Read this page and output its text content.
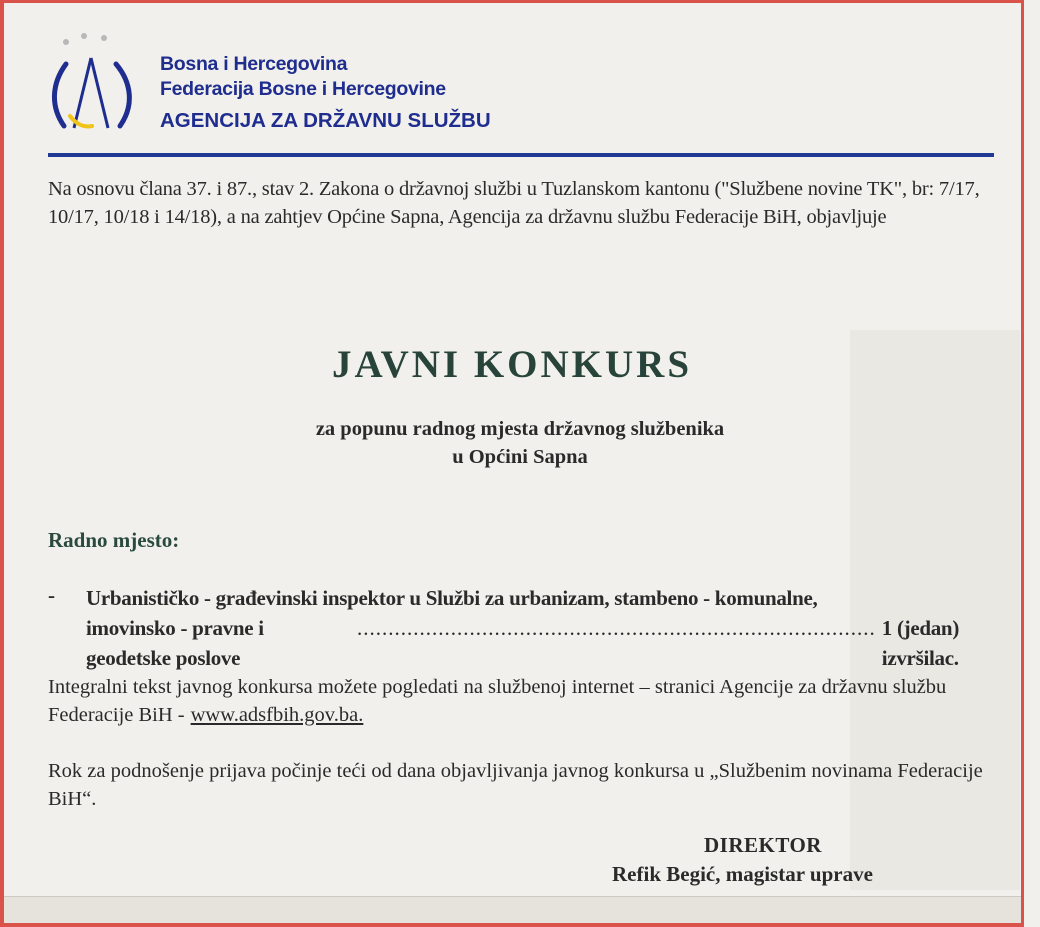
Bosna i Hercegovina
Federacija Bosne i Hercegovine
AGENCIJA ZA DRŽAVNU SLUŽBU
Na osnovu člana 37. i 87., stav 2. Zakona o državnoj službi u Tuzlanskom kantonu ("Službene novine TK", br: 7/17, 10/17, 10/18 i 14/18), a na zahtjev Općine Sapna, Agencija za državnu službu Federacije BiH, objavljuje
JAVNI KONKURS
za popunu radnog mjesta državnog službenika
u Općini Sapna
Radno mjesto:
- Urbanističko - građevinski inspektor u Službi za urbanizam, stambeno - komunalne,
imovinsko - pravne i geodetske poslove
................................................................................... 1 (jedan) izvršilac.
Integralni tekst javnog konkursa možete pogledati na službenoj internet – stranici Agencije za državnu službu Federacije BiH - www.adsfbih.gov.ba.
Rok za podnošenje prijava počinje teći od dana objavljivanja javnog konkursa u „Službenim novinama Federacije BiH“.
DIREKTOR
Refik Begić, magistar uprave
